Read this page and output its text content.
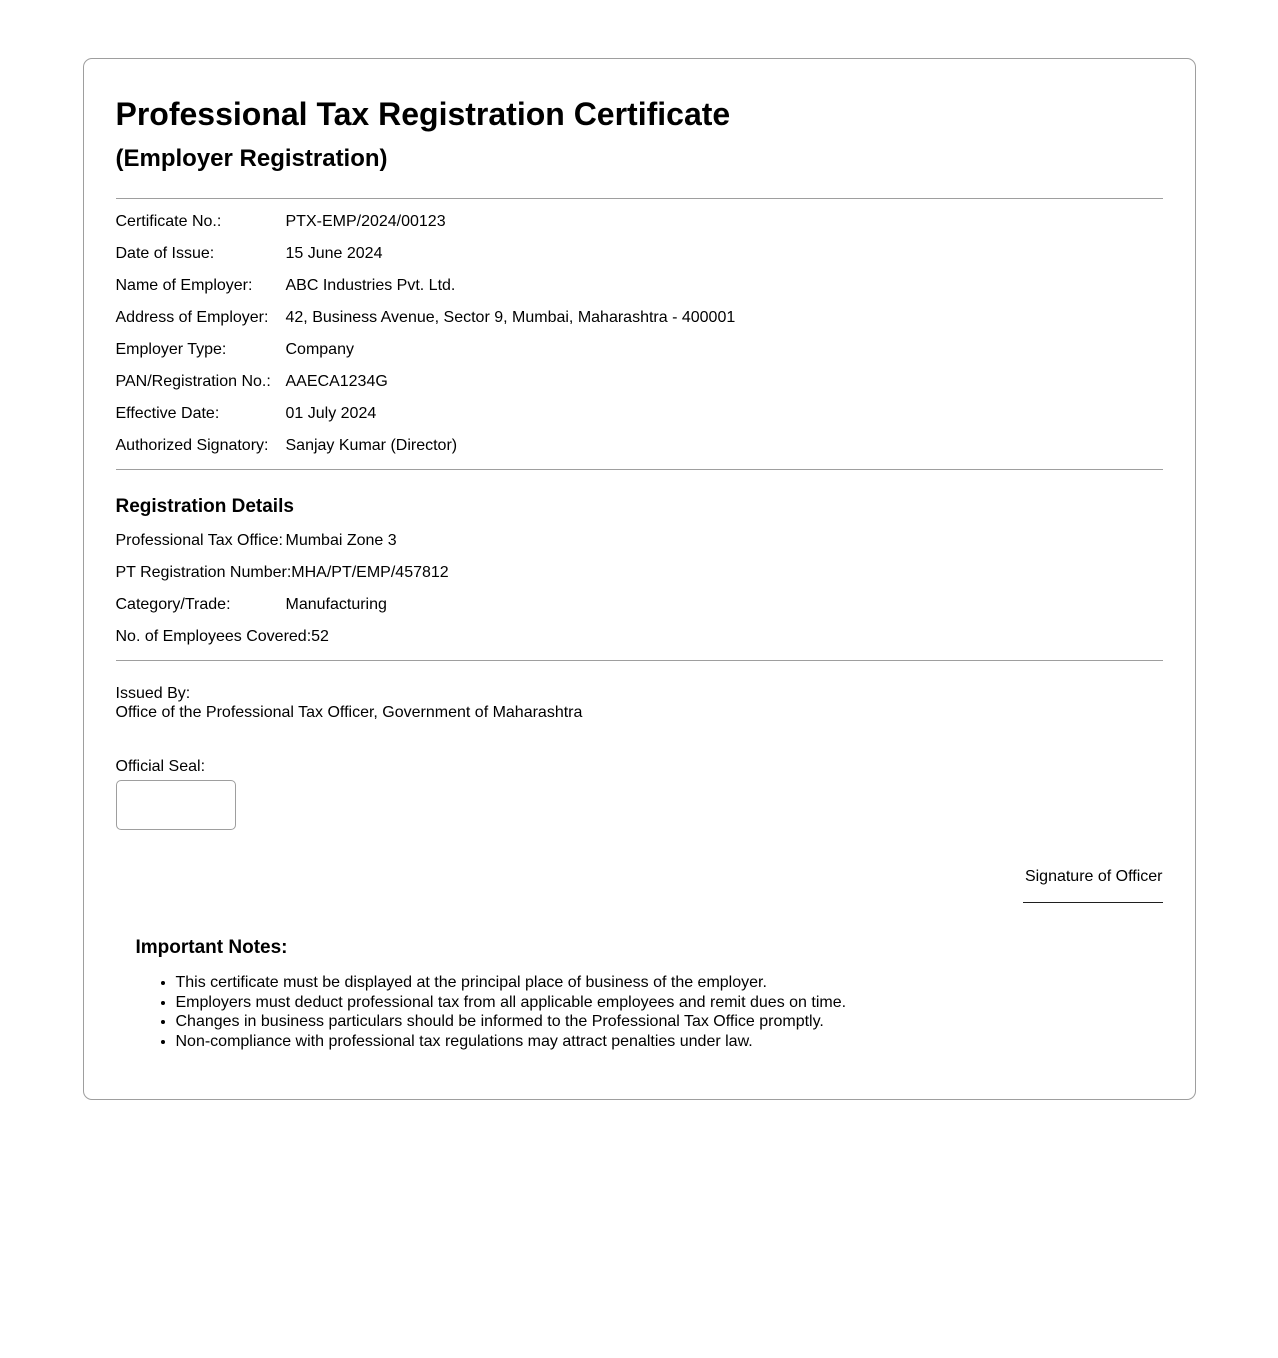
Professional Tax Registration Certificate
(Employer Registration)

Certificate No.:	PTX-EMP/2024/00123

Date of Issue:	15 June 2024

Name of Employer: ABC Industries Pvt. Ltd.

Address of Employer: 42, Business Avenue, Sector 9, Mumbai, Maharashtra - 400001

Employer Type:	Company

PAN/Registration No.: AAECA1234G

Effective Date:	01 July 2024

Authorized Signatory: Sanjay Kumar (Director)

Registration Details

Professional Tax Office: Mumbai Zone 3

PT Registration Number:MHA/PT/EMP/457812

Category/Trade:	Manufacturing

No. of Employees Covered:52

Issued By:
Office of the Professional Tax Officer, Government of Maharashtra

Official Seal:

Signature of Officer
Important Notes:
• This certificate must be displayed at the principal place of business of the employer.
• Employers must deduct professional tax from all applicable employees and remit dues on time.
• Changes in business particulars should be informed to the Professional Tax Office promptly.
• Non-compliance with professional tax regulations may attract penalties under law.
